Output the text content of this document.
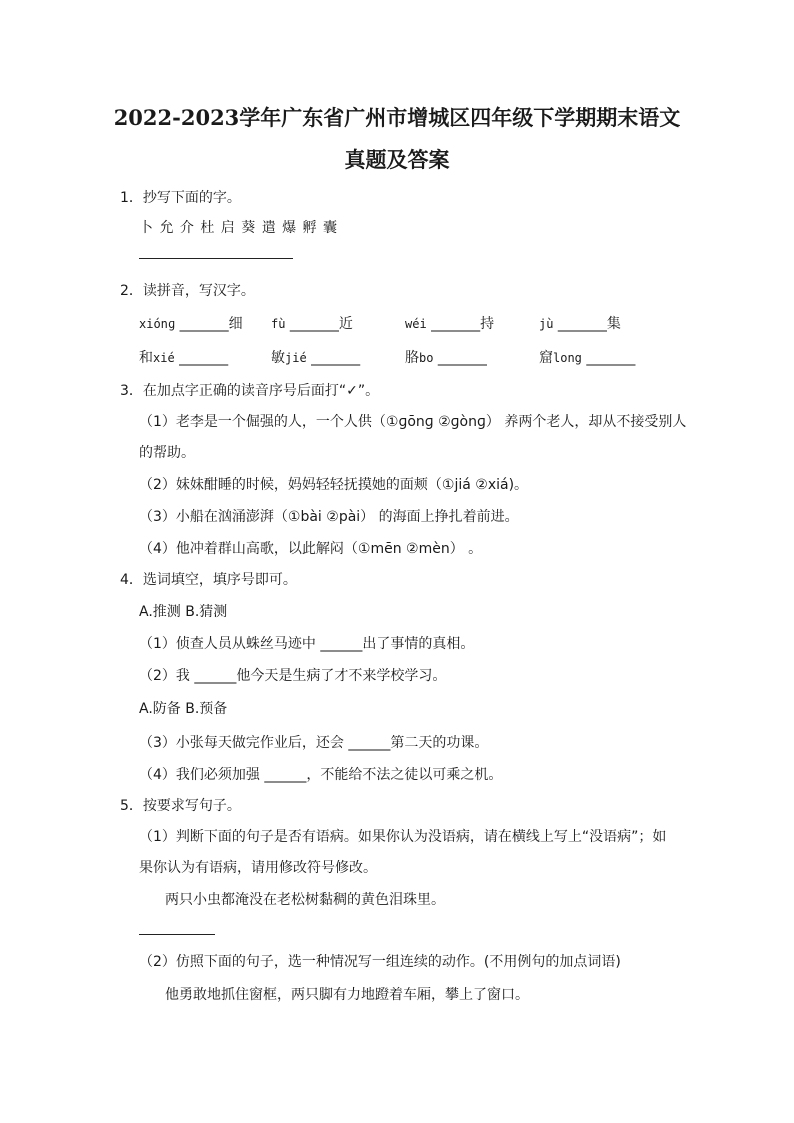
2022-2023学年广东省广州市增城区四年级下学期期末语文
真题及答案
1．抄写下面的字。
卜 允 介 杜 启 葵 遣 爆 孵 囊
2．读拼音，写汉字。
xiónɡ _______细 fù _______近	wéi _______持	jù _______集
和xié _______	敏jié _______	胳bo _______	窟long _______
3．在加点字正确的读音序号后面打“✓”。
（1）老李是一个倔强的人，一个人供（①ɡōnɡ ②ɡònɡ） 养两个老人，却从不接受别人
的帮助。
（2）妹妹酣睡的时候，妈妈轻轻抚摸她的面颊（①jiá ②xiá)。
（3）小船在汹涌澎湃（①bài ②pài） 的海面上挣扎着前进。
（4）他冲着群山高歌，以此解闷（①mēn ②mèn） 。
4．选词填空，填序号即可。
A.推测 B.猜测
（1）侦查人员从蛛丝马迹中 ______出了事情的真相。
（2）我 ______他今天是生病了才不来学校学习。
A.防备 B.预备
（3）小张每天做完作业后，还会 ______第二天的功课。
（4）我们必须加强 ______，不能给不法之徒以可乘之机。
5．按要求写句子。
（1）判断下面的句子是否有语病。如果你认为没语病，请在横线上写上“没语病”；如
果你认为有语病，请用修改符号修改。
两只小虫都淹没在老松树黏稠的黄色泪珠里。
（2）仿照下面的句子，选一种情况写一组连续的动作。(不用例句的加点词语)
他勇敢地抓住窗框，两只脚有力地蹬着车厢，攀上了窗口。
